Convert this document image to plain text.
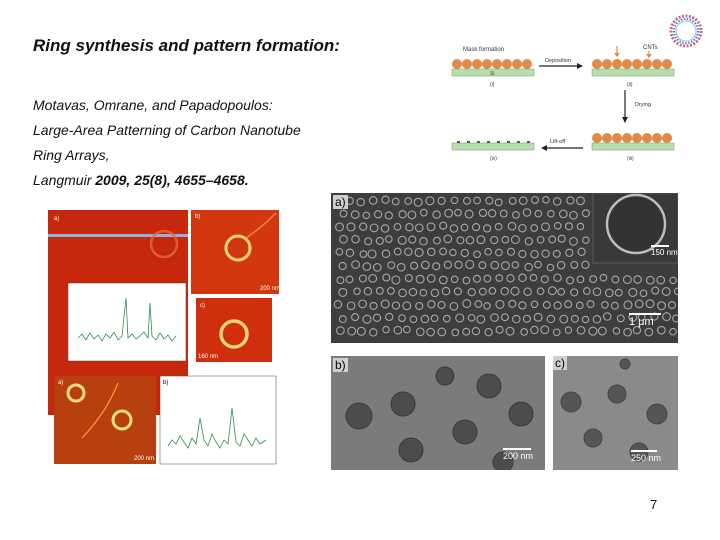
Ring synthesis and pattern formation:
Motavas, Omrane, and Papadopoulos:
Large-Area Patterning of Carbon Nanotube
Ring Arrays,
Langmuir 2009, 25(8), 4655–4658.
Mask formation
Si
(i)
Deposition
CNTs
(ii)
Drying
(iii)
Lift-off
(iv)
a)	b)
200 nm
c)
160 nm
a)
200 nm
b)
a)
150 nm
1 μm
b)
200 nm
c)
250 nm
7
